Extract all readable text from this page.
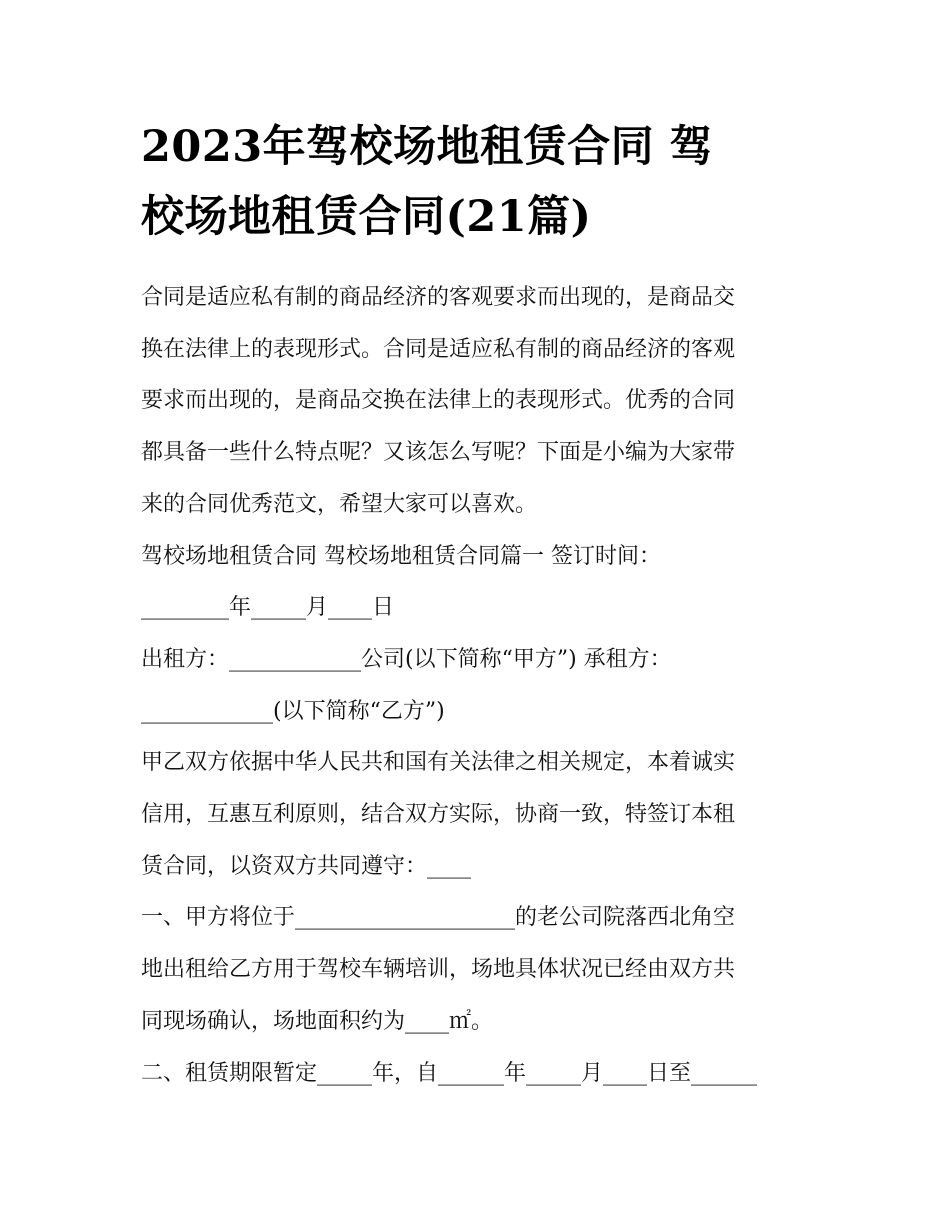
2023年驾校场地租赁合同 驾
校场地租赁合同(21篇)

合同是适应私有制的商品经济的客观要求而出现的，是商品交

换在法律上的表现形式。合同是适应私有制的商品经济的客观

要求而出现的，是商品交换在法律上的表现形式。优秀的合同

都具备一些什么特点呢？又该怎么写呢？下面是小编为大家带

来的合同优秀范文，希望大家可以喜欢。

驾校场地租赁合同 驾校场地租赁合同篇一 签订时间：

________年_____月____日

出租方：____________公司(以下简称“甲方”) 承租方：

____________(以下简称“乙方”)

甲乙双方依据中华人民共和国有关法律之相关规定，本着诚实

信用，互惠互利原则，结合双方实际，协商一致，特签订本租

赁合同，以资双方共同遵守：____

一、甲方将位于____________________的老公司院落西北角空

地出租给乙方用于驾校车辆培训，场地具体状况已经由双方共

同现场确认，场地面积约为____㎡。

二、租赁期限暂定_____年，自______年_____月____日至______
